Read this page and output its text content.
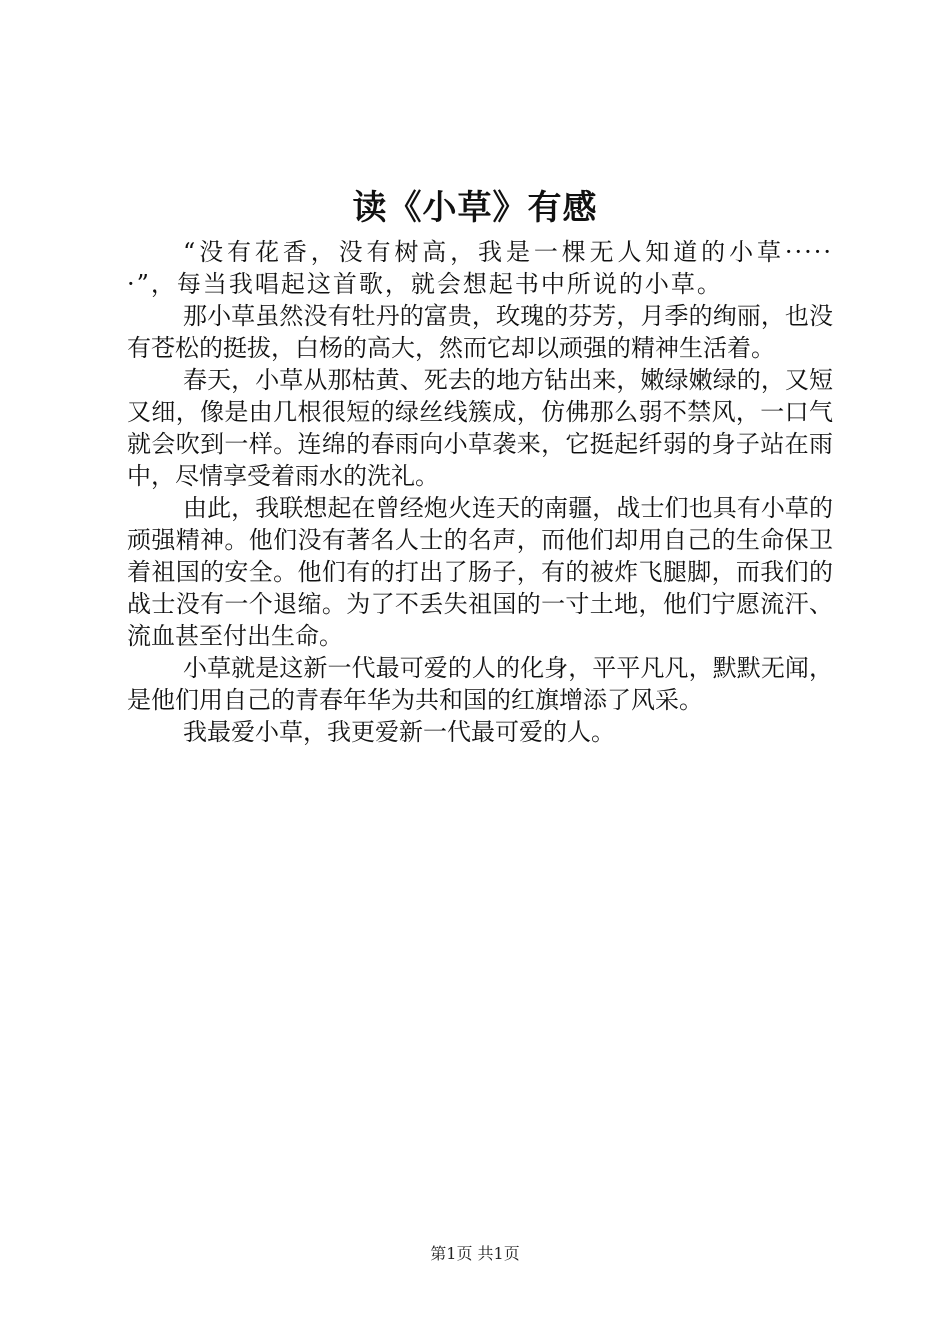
读《小草》有感

“没有花香，没有树高，我是一棵无人知道的小草······”，每当我唱起这首歌，就会想起书中所说的小草。

那小草虽然没有牡丹的富贵，玫瑰的芬芳，月季的绚丽，也没有苍松的挺拔，白杨的高大，然而它却以顽强的精神生活着。

春天，小草从那枯黄、死去的地方钻出来，嫩绿嫩绿的，又短又细，像是由几根很短的绿丝线簇成，仿佛那么弱不禁风，一口气就会吹到一样。连绵的春雨向小草袭来，它挺起纤弱的身子站在雨中，尽情享受着雨水的洗礼。

由此，我联想起在曾经炮火连天的南疆，战士们也具有小草的顽强精神。他们没有著名人士的名声，而他们却用自己的生命保卫着祖国的安全。他们有的打出了肠子，有的被炸飞腿脚，而我们的战士没有一个退缩。为了不丢失祖国的一寸土地，他们宁愿流汗、流血甚至付出生命。

小草就是这新一代最可爱的人的化身，平平凡凡，默默无闻，是他们用自己的青春年华为共和国的红旗增添了风采。

我最爱小草，我更爱新一代最可爱的人。

第1页 共1页
